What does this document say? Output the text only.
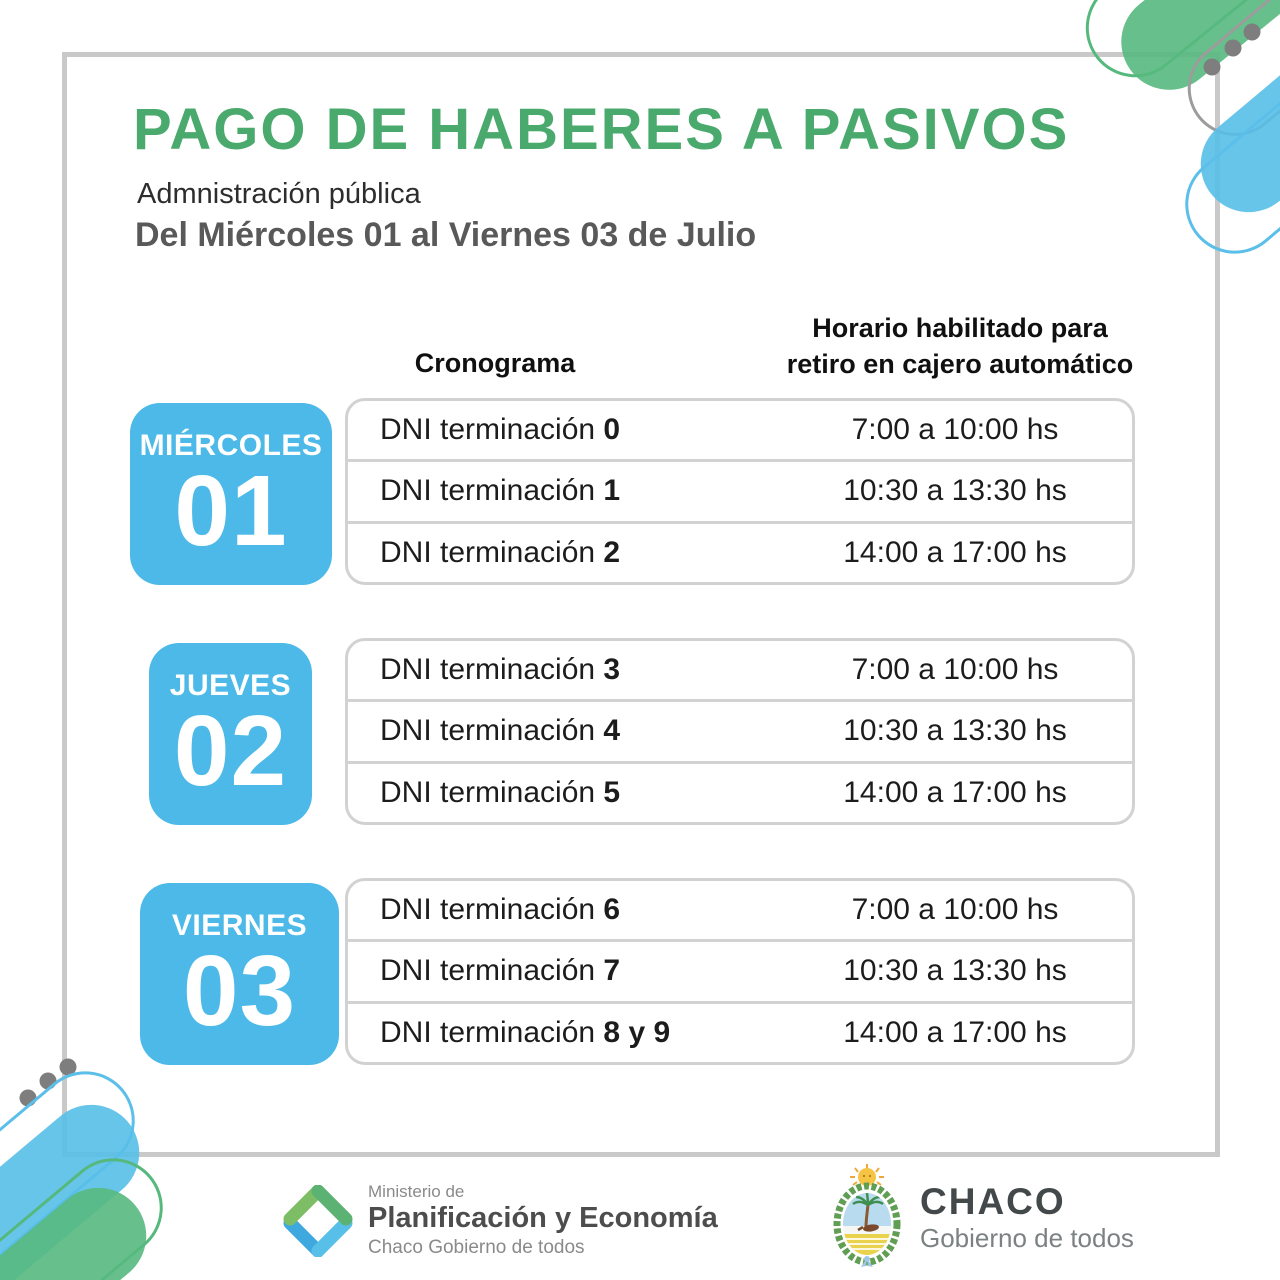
PAGO DE HABERES A PASIVOS
Admnistración pública
Del Miércoles 01 al Viernes 03 de Julio
Cronograma
Horario habilitado para
retiro en cajero automático
MIÉRCOLES
01
DNI terminación 0	7:00 a 10:00 hs
DNI terminación 1	10:30 a 13:30 hs
DNI terminación 2	14:00 a 17:00 hs
JUEVES
02
DNI terminación 3	7:00 a 10:00 hs
DNI terminación 4	10:30 a 13:30 hs
DNI terminación 5	14:00 a 17:00 hs
VIERNES
03
DNI terminación 6	7:00 a 10:00 hs
DNI terminación 7	10:30 a 13:30 hs
DNI terminación 8 y 9	14:00 a 17:00 hs
Ministerio de
Planificación y Economía
Chaco Gobierno de todos
CHACO
Gobierno de todos
